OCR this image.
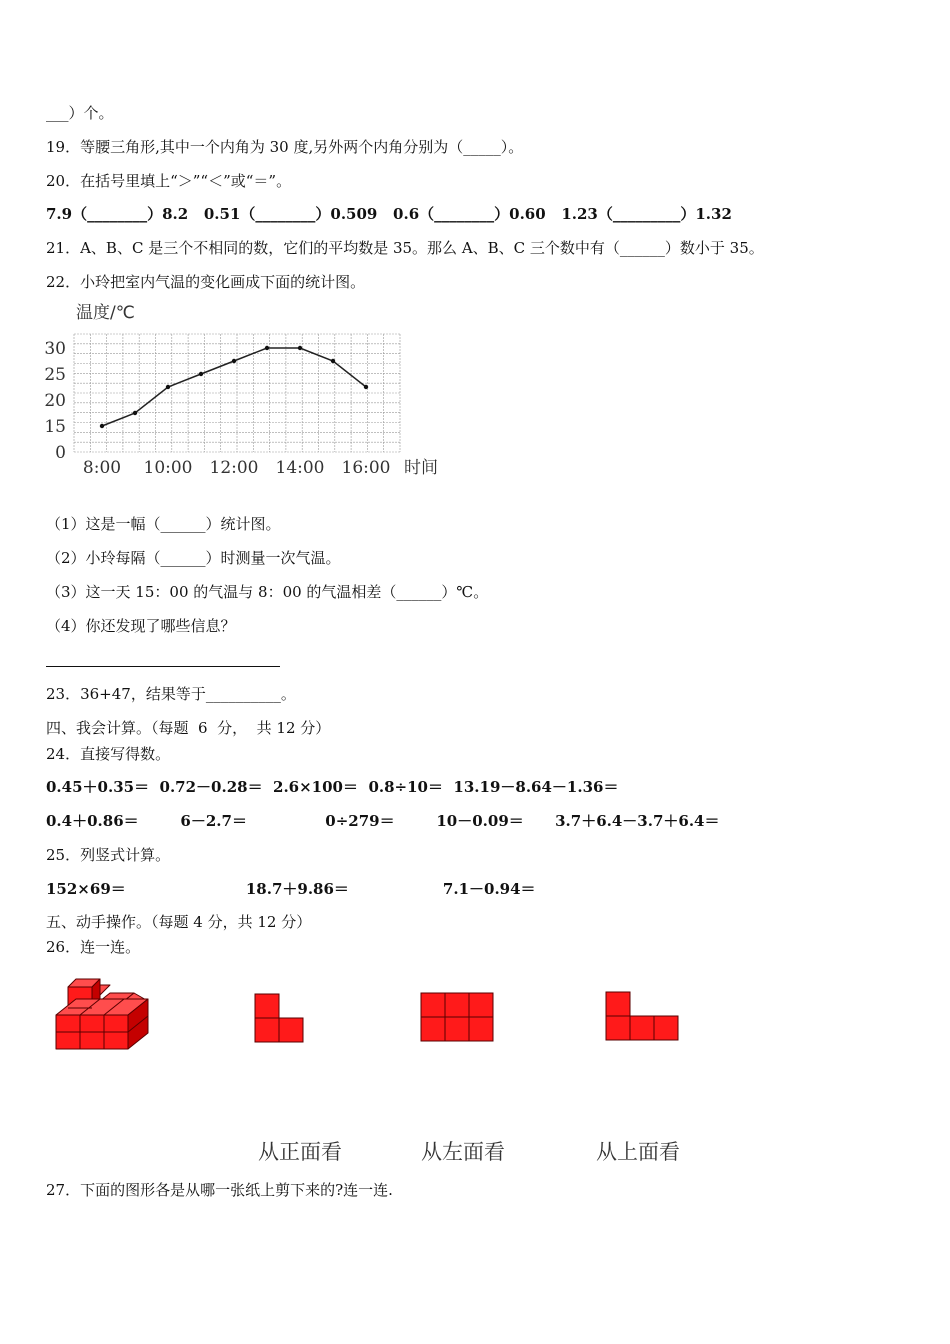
___）个。
19．等腰三角形,其中一个内角为 30 度,另外两个内角分别为（_____）。
20．在括号里填上“＞”“＜”或“＝”。
7.9（________）8.2   0.51（________）0.509   0.6（________）0.60   1.23（_________）1.32
21．A、B、C 是三个不相同的数，它们的平均数是 35。那么 A、B、C 三个数中有（______）数小于 35。
22．小玲把室内气温的变化画成下面的统计图。
温度/℃
30
25
20
15
0
8:00 10:00 12:00 14:00 16:00 时间
（1）这是一幅（______）统计图。
（2）小玲每隔（______）时测量一次气温。
（3）这一天 15：00 的气温与 8：00 的气温相差（______）℃。
（4）你还发现了哪些信息？
23．36+47，结果等于__________。
四、我会计算。（每题  6  分，  共 12 分）
24．直接写得数。
0.45＋0.35＝  0.72－0.28＝  2.6×100＝  0.8÷10＝  13.19－8.64－1.36＝
0.4＋0.86＝        6－2.7＝               0÷279＝        10－0.09＝      3.7＋6.4－3.7＋6.4＝
25．列竖式计算。
152×69＝                       18.7＋9.86＝                  7.1－0.94＝
五、动手操作。（每题 4 分，共 12 分）
26．连一连。
从正面看	从左面看	从上面看
27．下面的图形各是从哪一张纸上剪下来的?连一连.
